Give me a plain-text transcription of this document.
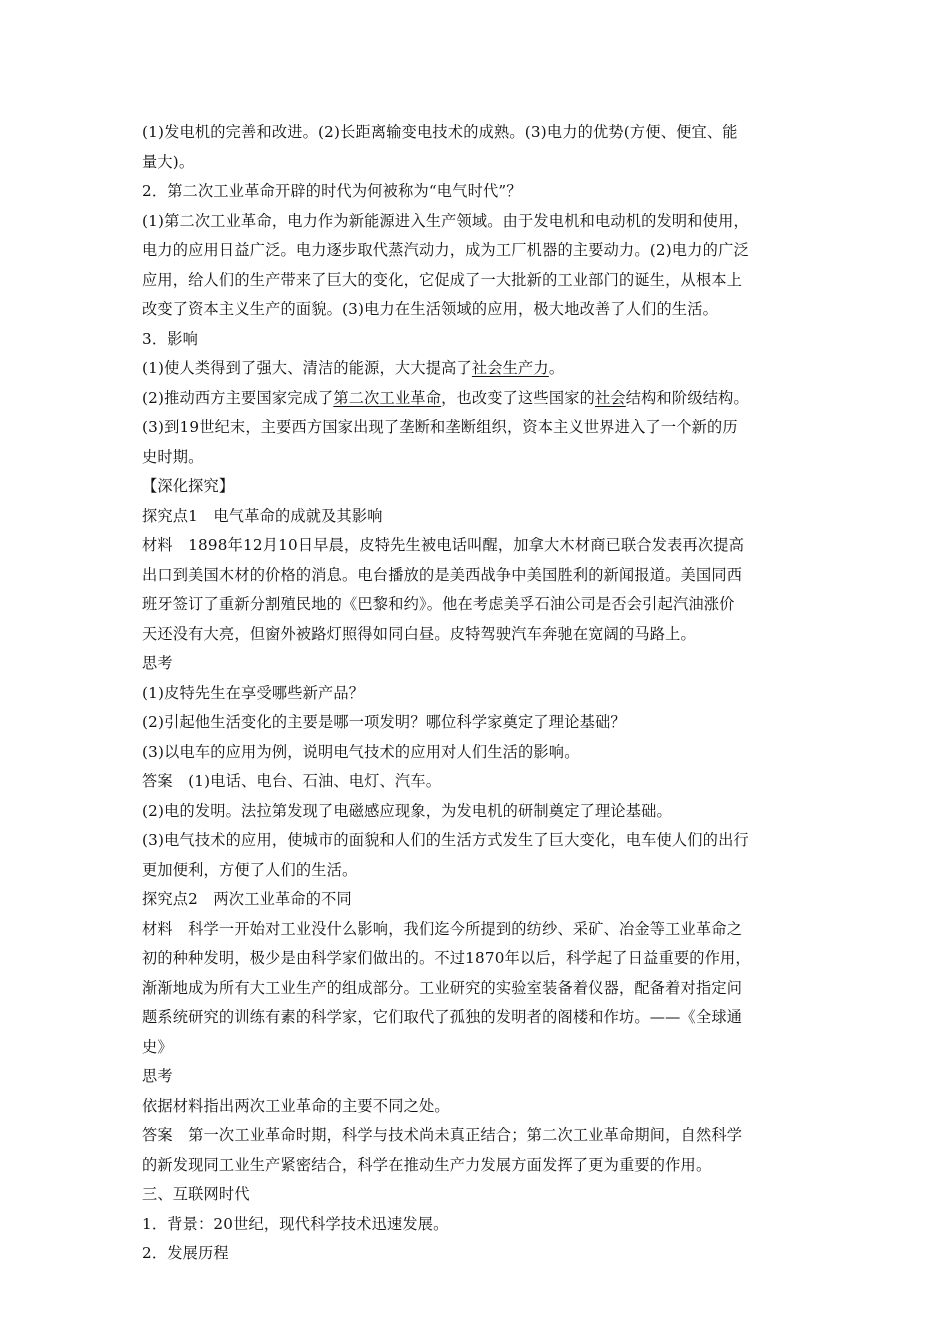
(1)发电机的完善和改进。(2)长距离输变电技术的成熟。(3)电力的优势(方便、便宜、能
量大)。
2．第二次工业革命开辟的时代为何被称为“电气时代”？
(1)第二次工业革命，电力作为新能源进入生产领域。由于发电机和电动机的发明和使用，
电力的应用日益广泛。电力逐步取代蒸汽动力，成为工厂机器的主要动力。(2)电力的广泛
应用，给人们的生产带来了巨大的变化，它促成了一大批新的工业部门的诞生，从根本上
改变了资本主义生产的面貌。(3)电力在生活领域的应用，极大地改善了人们的生活。
3．影响
(1)使人类得到了强大、清洁的能源，大大提高了社会生产力。
(2)推动西方主要国家完成了第二次工业革命，也改变了这些国家的社会结构和阶级结构。
(3)到19世纪末，主要西方国家出现了垄断和垄断组织，资本主义世界进入了一个新的历
史时期。
【深化探究】
探究点1　电气革命的成就及其影响
材料　1898年12月10日早晨，皮特先生被电话叫醒，加拿大木材商已联合发表再次提高
出口到美国木材的价格的消息。电台播放的是美西战争中美国胜利的新闻报道。美国同西
班牙签订了重新分割殖民地的《巴黎和约》。他在考虑美孚石油公司是否会引起汽油涨价
天还没有大亮，但窗外被路灯照得如同白昼。皮特驾驶汽车奔驰在宽阔的马路上。
思考
(1)皮特先生在享受哪些新产品？
(2)引起他生活变化的主要是哪一项发明？哪位科学家奠定了理论基础？
(3)以电车的应用为例，说明电气技术的应用对人们生活的影响。
答案　(1)电话、电台、石油、电灯、汽车。
(2)电的发明。法拉第发现了电磁感应现象，为发电机的研制奠定了理论基础。
(3)电气技术的应用，使城市的面貌和人们的生活方式发生了巨大变化，电车使人们的出行
更加便利，方便了人们的生活。
探究点2　两次工业革命的不同
材料　科学一开始对工业没什么影响，我们迄今所提到的纺纱、采矿、冶金等工业革命之
初的种种发明，极少是由科学家们做出的。不过1870年以后，科学起了日益重要的作用，
渐渐地成为所有大工业生产的组成部分。工业研究的实验室装备着仪器，配备着对指定问
题系统研究的训练有素的科学家，它们取代了孤独的发明者的阁楼和作坊。——《全球通
史》
思考
依据材料指出两次工业革命的主要不同之处。
答案　第一次工业革命时期，科学与技术尚未真正结合；第二次工业革命期间，自然科学
的新发现同工业生产紧密结合，科学在推动生产力发展方面发挥了更为重要的作用。
三、互联网时代
1．背景：20世纪，现代科学技术迅速发展。
2．发展历程
